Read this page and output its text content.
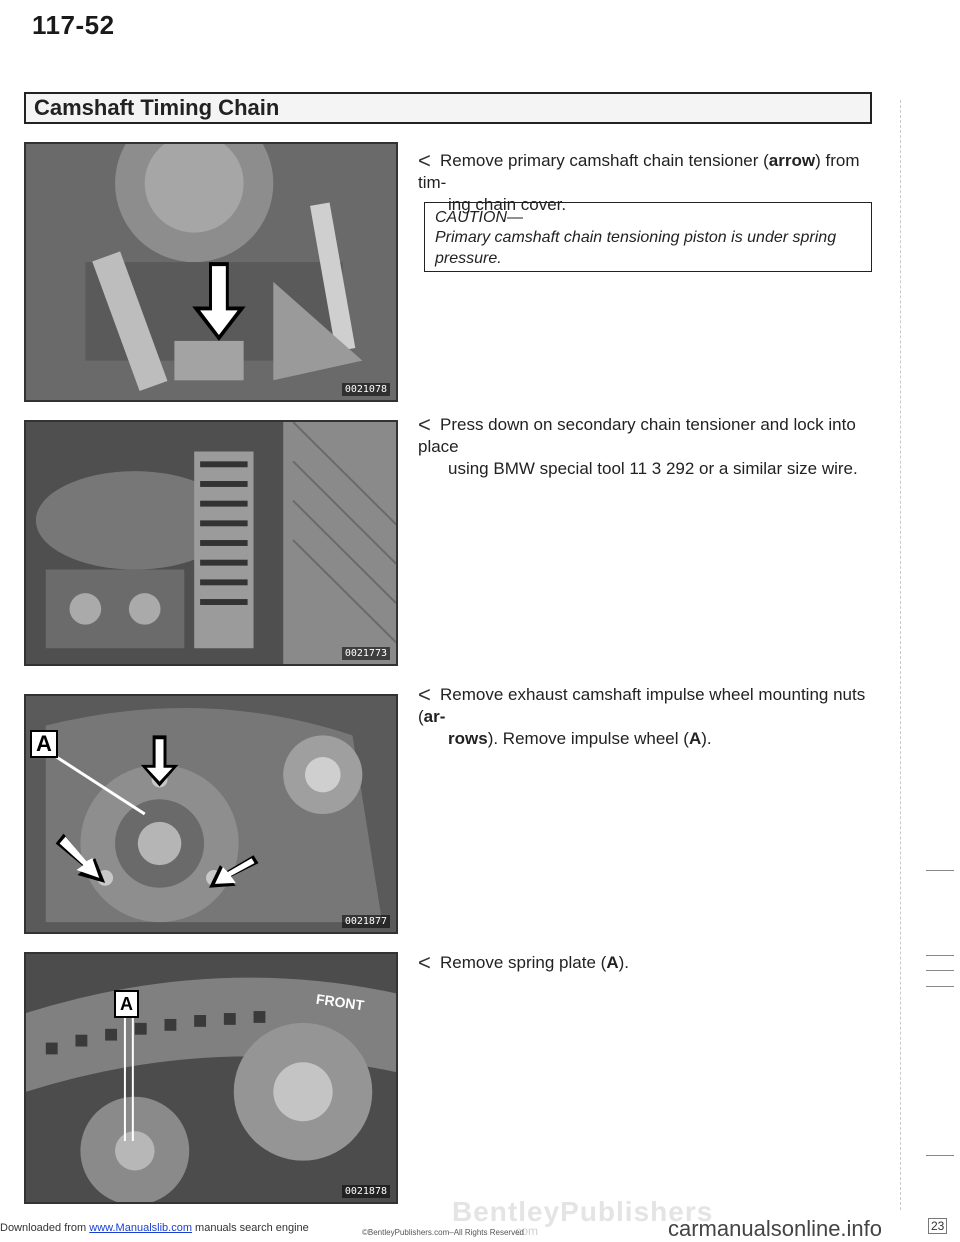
117-52
Camshaft Timing Chain
0021078
0021773
A
0021877
A	FRONT
0021878
< Remove primary camshaft chain tensioner (arrow) from tim-
ing chain cover.
CAUTION—
Primary camshaft chain tensioning piston is under spring
pressure.
< Press down on secondary chain tensioner and lock into place
using BMW special tool 11 3 292 or a similar size wire.
< Remove exhaust camshaft impulse wheel mounting nuts (ar-
rows). Remove impulse wheel (A).
< Remove spring plate (A).
BentleyPublishers
.com
©BentleyPublishers.com–All Rights Reserved
Downloaded from www.Manualslib.com manuals search engine	carmanualsonline.info	23
